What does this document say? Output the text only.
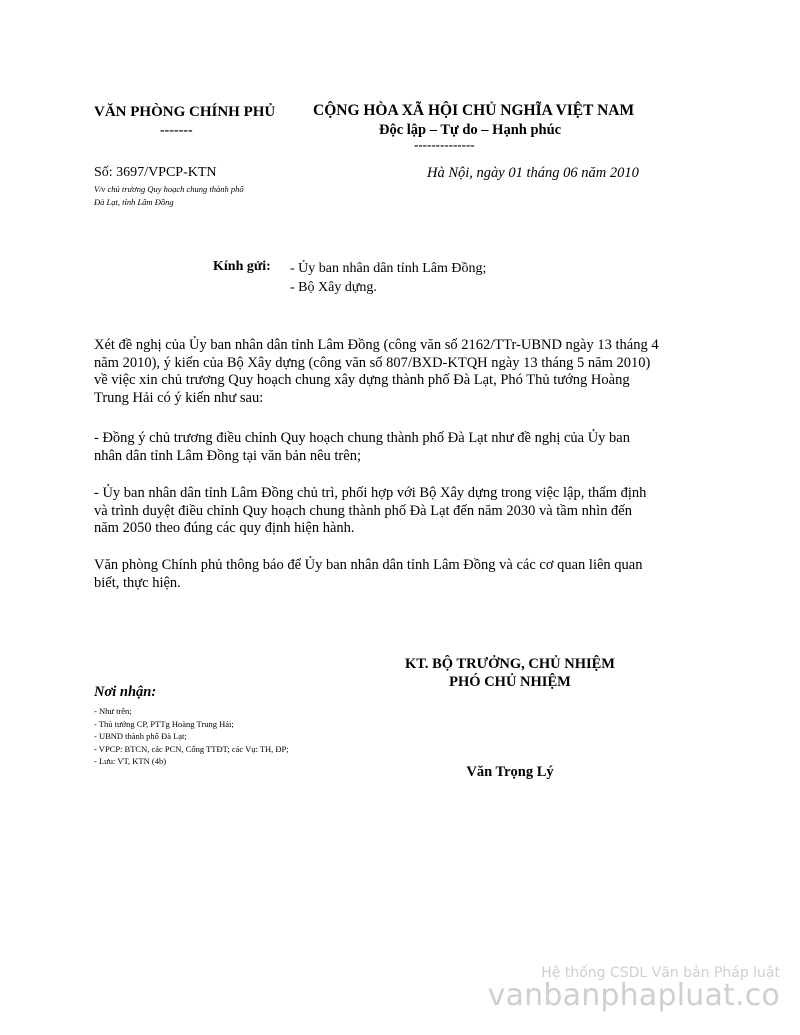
VĂN PHÒNG CHÍNH PHỦ
-------
CỘNG HÒA XÃ HỘI CHỦ NGHĨA VIỆT NAM
Độc lập – Tự do – Hạnh phúc
--------------
Số: 3697/VPCP-KTN
V/v chủ trương Quy hoạch chung thành phố
Đà Lạt, tỉnh Lâm Đồng
Hà Nội, ngày 01 tháng 06 năm 2010
Kính gửi: - Ủy ban nhân dân tỉnh Lâm Đồng;
- Bộ Xây dựng.
Xét đề nghị của Ủy ban nhân dân tỉnh Lâm Đồng (công văn số 2162/TTr-UBND ngày 13 tháng 4
năm 2010), ý kiến của Bộ Xây dựng (công văn số 807/BXD-KTQH ngày 13 tháng 5 năm 2010)
về việc xin chủ trương Quy hoạch chung xây dựng thành phố Đà Lạt, Phó Thủ tướng Hoàng
Trung Hải có ý kiến như sau:
- Đồng ý chủ trương điều chỉnh Quy hoạch chung thành phố Đà Lạt như đề nghị của Ủy ban
nhân dân tỉnh Lâm Đồng tại văn bản nêu trên;
- Ủy ban nhân dân tỉnh Lâm Đồng chủ trì, phối hợp với Bộ Xây dựng trong việc lập, thẩm định
và trình duyệt điều chỉnh Quy hoạch chung thành phố Đà Lạt đến năm 2030 và tầm nhìn đến
năm 2050 theo đúng các quy định hiện hành.
Văn phòng Chính phủ thông báo để Ủy ban nhân dân tỉnh Lâm Đồng và các cơ quan liên quan
biết, thực hiện.
KT. BỘ TRƯỞNG, CHỦ NHIỆM
PHÓ CHỦ NHIỆM
Văn Trọng Lý
Nơi nhận:
- Như trên;
- Thủ tướng CP, PTTg Hoàng Trung Hải;
- UBND thành phố Đà Lạt;
- VPCP: BTCN, các PCN, Cổng TTĐT; các Vụ: TH, ĐP;
- Lưu: VT, KTN (4b)
Hệ thống CSDL Văn bản Pháp luật
vanbanphapluat.co
